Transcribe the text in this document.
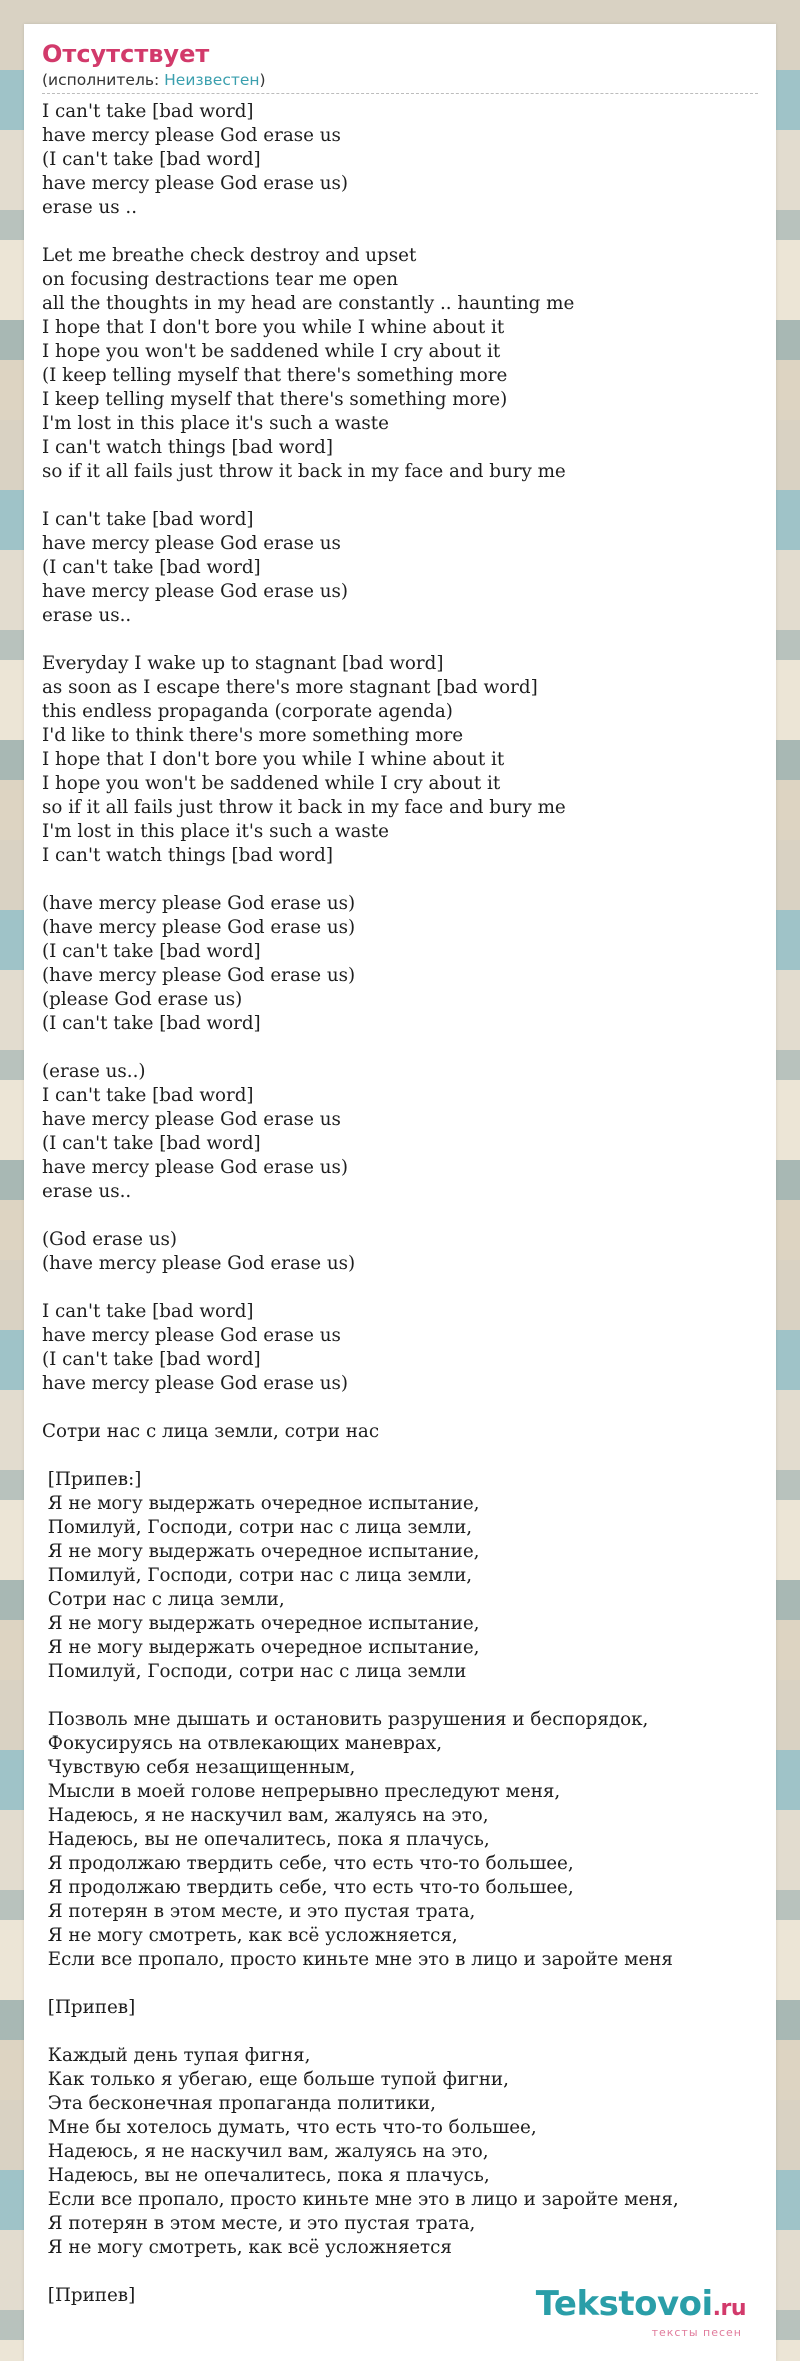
Отсутствует
(исполнитель: Неизвестен)
I can't take [bad word]
have mercy please God erase us
(I can't take [bad word]
have mercy please God erase us)
erase us ..

Let me breathe check destroy and upset
on focusing destractions tear me open
all the thoughts in my head are constantly .. haunting me
I hope that I don't bore you while I whine about it
I hope you won't be saddened while I cry about it
(I keep telling myself that there's something more
I keep telling myself that there's something more)
I'm lost in this place it's such a waste
I can't watch things [bad word]
so if it all fails just throw it back in my face and bury me

I can't take [bad word]
have mercy please God erase us
(I can't take [bad word]
have mercy please God erase us)
erase us..

Everyday I wake up to stagnant [bad word]
as soon as I escape there's more stagnant [bad word]
this endless propaganda (corporate agenda)
I'd like to think there's more something more
I hope that I don't bore you while I whine about it
I hope you won't be saddened while I cry about it
so if it all fails just throw it back in my face and bury me
I'm lost in this place it's such a waste
I can't watch things [bad word]

(have mercy please God erase us)
(have mercy please God erase us)
(I can't take [bad word]
(have mercy please God erase us)
(please God erase us)
(I can't take [bad word]

(erase us..)
I can't take [bad word]
have mercy please God erase us
(I can't take [bad word]
have mercy please God erase us)
erase us..

(God erase us)
(have mercy please God erase us)

I can't take [bad word]
have mercy please God erase us
(I can't take [bad word]
have mercy please God erase us)

Сотри нас с лица земли, сотри нас

[Припев:]
Я не могу выдержать очередное испытание,
Помилуй, Господи, сотри нас с лица земли,
Я не могу выдержать очередное испытание,
Помилуй, Господи, сотри нас с лица земли,
Сотри нас с лица земли,
Я не могу выдержать очередное испытание,
Я не могу выдержать очередное испытание,
Помилуй, Господи, сотри нас с лица земли

Позволь мне дышать и остановить разрушения и беспорядок,
Фокусируясь на отвлекающих маневрах,
Чувствую себя незащищенным,
Мысли в моей голове непрерывно преследуют меня,
Надеюсь, я не наскучил вам, жалуясь на это,
Надеюсь, вы не опечалитесь, пока я плачусь,
Я продолжаю твердить себе, что есть что-то большее,
Я продолжаю твердить себе, что есть что-то большее,
Я потерян в этом месте, и это пустая трата,
Я не могу смотреть, как всё усложняется,
Если все пропало, просто киньте мне это в лицо и заройте меня

[Припев]

Каждый день тупая фигня,
Как только я убегаю, еще больше тупой фигни,
Эта бесконечная пропаганда политики,
Мне бы хотелось думать, что есть что-то большее,
Надеюсь, я не наскучил вам, жалуясь на это,
Надеюсь, вы не опечалитесь, пока я плачусь,
Если все пропало, просто киньте мне это в лицо и заройте меня,
Я потерян в этом месте, и это пустая трата,
Я не могу смотреть, как всё усложняется

[Припев]	Tekstovoi.ru
тексты песен
